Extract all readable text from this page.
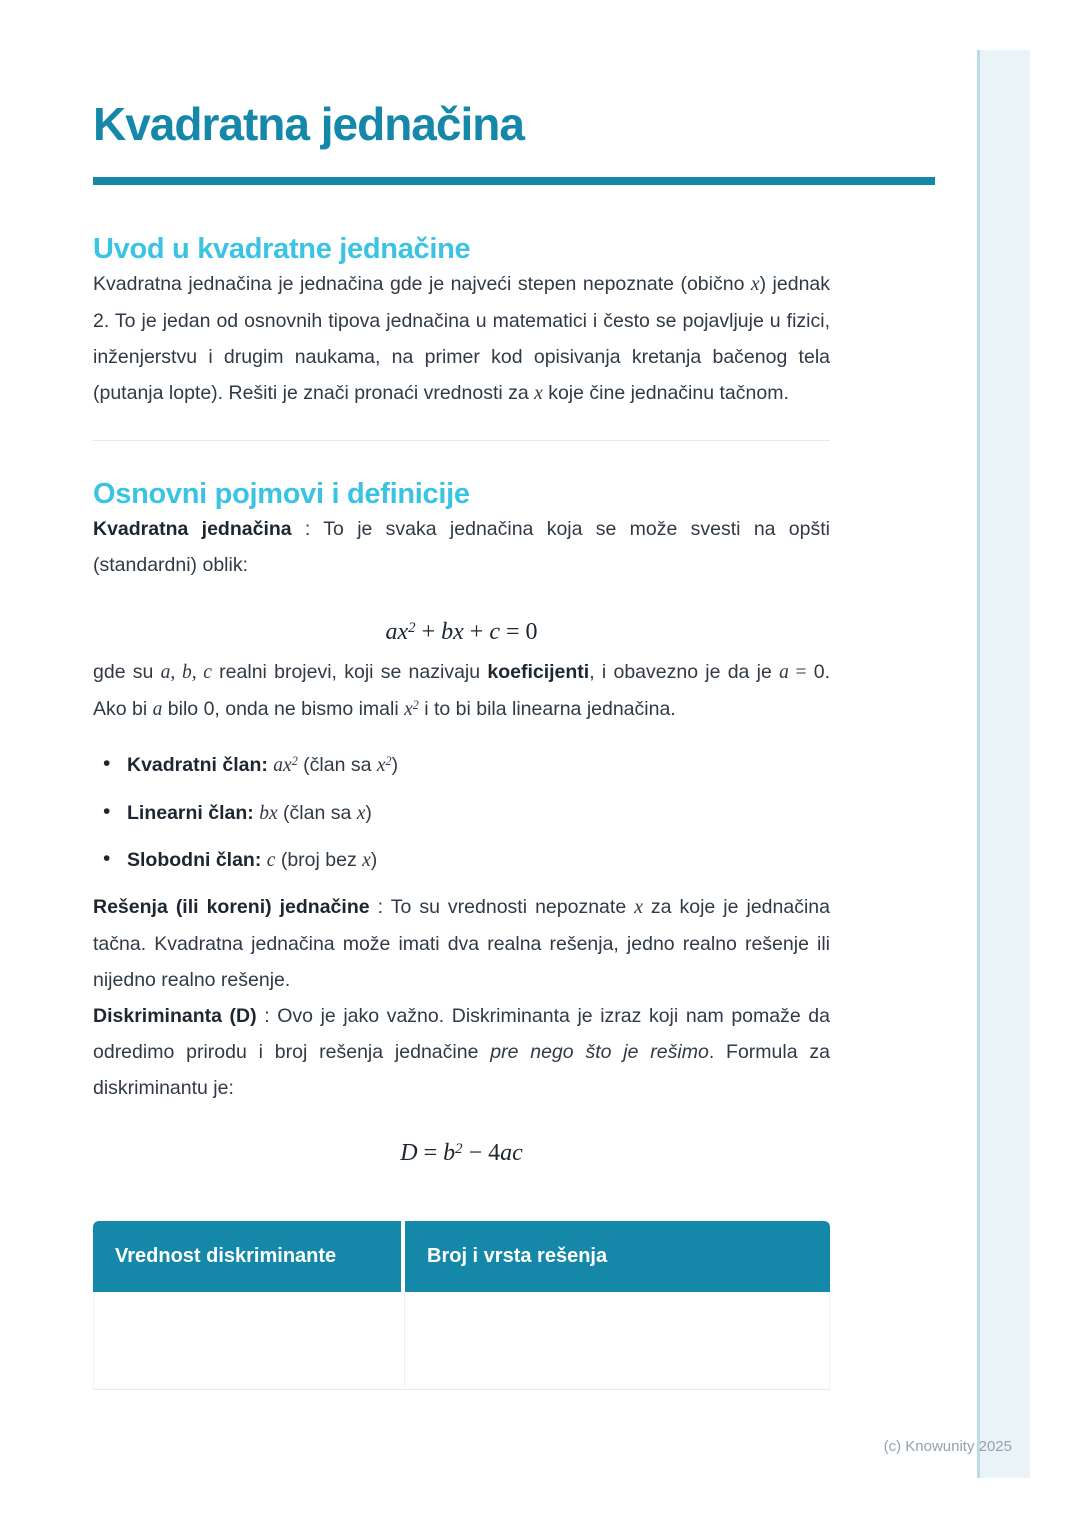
Kvadratna jednačina
Uvod u kvadratne jednačine

Kvadratna jednačina je jednačina gde je najveći stepen nepoznate (obično x) jednak 2. To je jedan od osnovnih tipova jednačina u matematici i često se pojavljuje u fizici, inženjerstvu i drugim naukama, na primer kod opisivanja kretanja bačenog tela (putanja lopte). Rešiti je znači pronaći vrednosti za x koje čine jednačinu tačnom.

Osnovni pojmovi i definicije

Kvadratna jednačina : To je svaka jednačina koja se može svesti na opšti (standardni) oblik:

$ax^2$ + bx + c = 0

gde su a, b, c realni brojevi, koji se nazivaju koeficijenti, i obavezno je da je a = 0. Ako bi a bilo 0, onda ne bismo imali $x^2$ i to bi bila linearna jednačina.

• Kvadratni član: $ax^2$ (član sa $x^2$)
• Linearni član: bx (član sa x)
• Slobodni član: c (broj bez x)

Rešenja (ili koreni) jednačine : To su vrednosti nepoznate x za koje je jednačina tačna. Kvadratna jednačina može imati dva realna rešenja, jedno realno rešenje ili nijedno realno rešenje.

Diskriminanta (D) : Ovo je jako važno. Diskriminanta je izraz koji nam pomaže da odredimo prirodu i broj rešenja jednačine pre nego što je rešimo. Formula za diskriminantu je:

$D = b^2 - 4ac$
Vrednost diskriminante	Broj i vrsta rešenja

(c) Knowunity 2025
